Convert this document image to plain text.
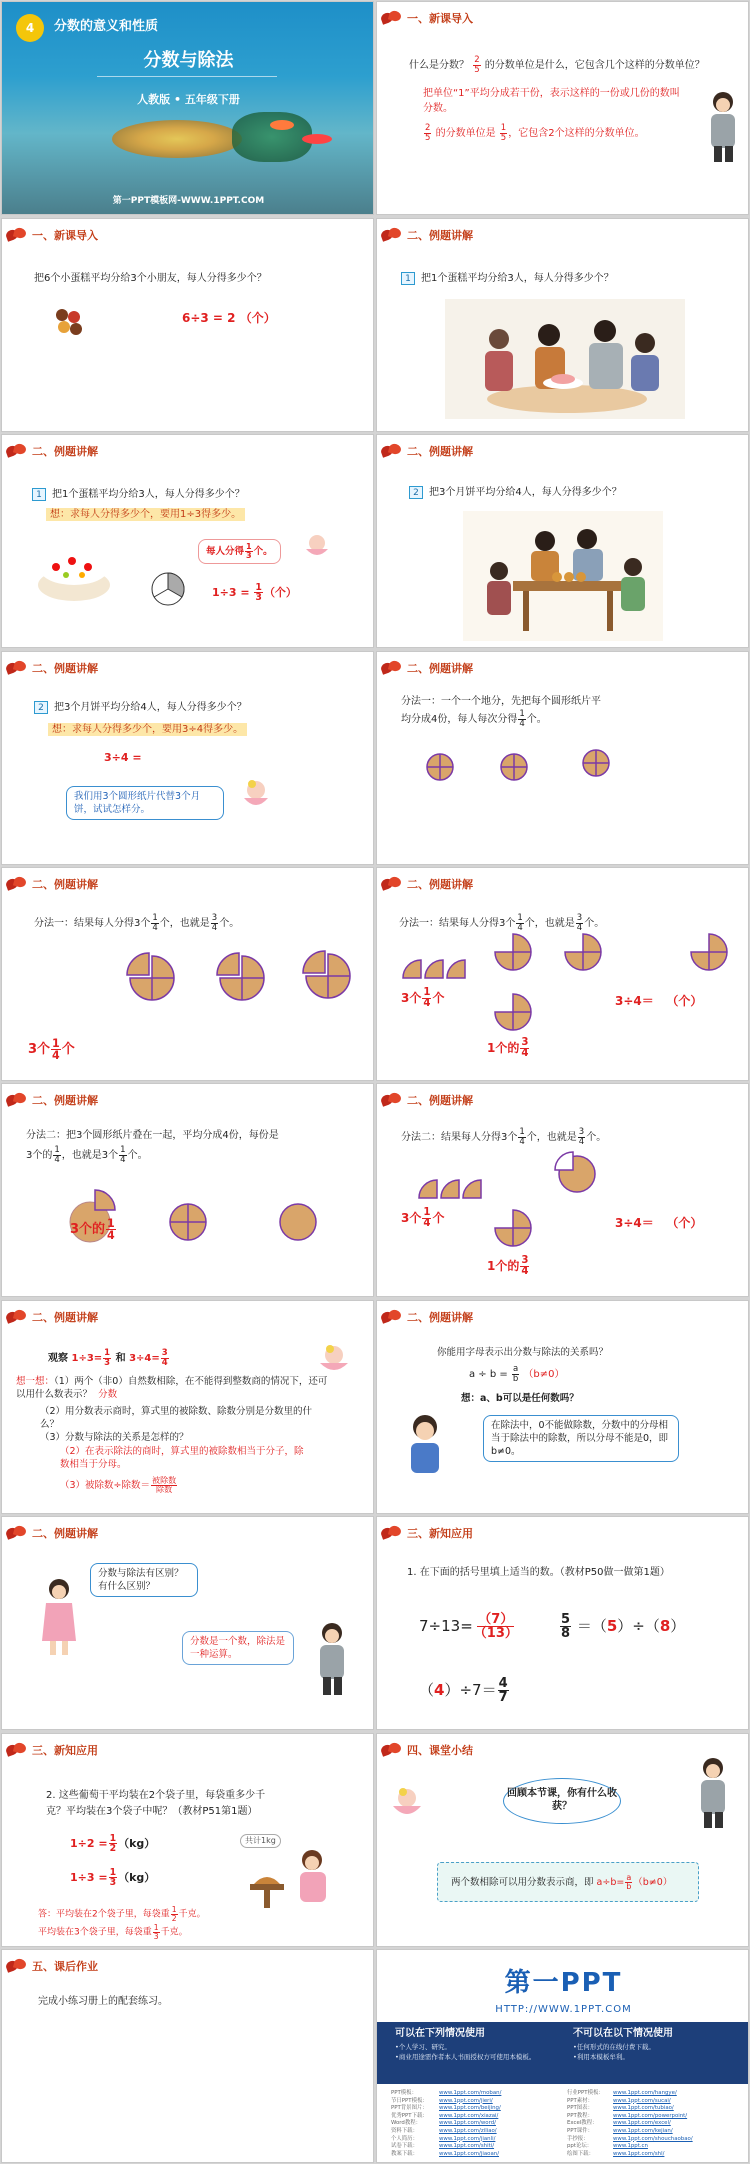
4	分数的意义和性质
分数与除法
人教版 • 五年级下册
第一PPT模板网-WWW.1PPT.COM
一、新课导入
什么是分数？ $\frac{2}{5}$ 的分数单位是什么，它包含几个这样的分数单位？
把单位“1”平均分成若干份，表示这样的一份或几份的数叫分数。
$\frac{2}{5}$ 的分数单位是 $\frac{1}{5}$ ，它包含2个这样的分数单位。
一、新课导入
把6个小蛋糕平均分给3个小朋友，每人分得多少个？
6÷3 = 2 （个）
二、例题讲解
1 把1个蛋糕平均分给3人，每人分得多少个？
二、例题讲解
1 把1个蛋糕平均分给3人，每人分得多少个？
想：求每人分得多少个，要用1÷3得多少。
每人分得 $\frac{1}{3}$ 个。
$1\div 3 = \frac{1}{3}$ （个）
二、例题讲解
2 把3个月饼平均分给4人，每人分得多少个？
二、例题讲解
2 把3个月饼平均分给4人，每人分得多少个？
想：求每人分得多少个，要用3÷4得多少。
3÷4 =
我们用3个圆形纸片代替3个月饼，试试怎样分。
二、例题讲解
分法一：一个一个地分，先把每个圆形纸片平
均分成4份，每人每次分得 $\frac{1}{4}$ 个。
二、例题讲解
分法一：结果每人分得3个 $\frac{1}{4}$ 个，也就是 $\frac{3}{4}$ 个。
3个 $\frac{1}{4}$ 个
二、例题讲解
分法一：结果每人分得3个 $\frac{1}{4}$ 个，也就是 $\frac{3}{4}$ 个。
3个 $\frac{1}{4}$ 个
1个的 $\frac{3}{4}$
3÷4＝ （个）
二、例题讲解
分法二：把3个圆形纸片叠在一起，平均分成4份，每份是
3个的 $\frac{1}{4}$ ，也就是3个 $\frac{1}{4}$ 个。
3个的 $\frac{1}{4}$
二、例题讲解
分法二：结果每人分得3个 $\frac{1}{4}$ 个，也就是 $\frac{3}{4}$ 个。
3个 $\frac{1}{4}$ 个
1个的 $\frac{3}{4}$
3÷4＝ （个）
二、例题讲解
观察 $1\div 3= \frac{1}{3}$ 和 $3\div 4= \frac{3}{4}$
想一想：（1）两个（非0）自然数相除，在不能得到整数商的情况下，还可以用什么数表示？ 分数
（2）用分数表示商时，算式里的被除数、除数分别是分数里的什么？
（3）分数与除法的关系是怎样的？
（2）在表示除法的商时，算式里的被除数相当于分子，除数相当于分母。
（3）被除数÷除数＝ $\frac{\text{被除数}}{\text{除数}}$
二、例题讲解
你能用字母表示出分数与除法的关系吗？
$a \div b = \frac{a}{b} (b\ne 0)$
想：a、b可以是任何数吗？
在除法中，0不能做除数，分数中的分母相当于除法中的除数，所以分母不能是0，即b≠0。
二、例题讲解
分数与除法有区别？有什么区别？
分数是一个数，除法是一种运算。
三、新知应用
1. 在下面的括号里填上适当的数。（教材P50做一做第1题）
$7\div 13= \frac{(7)}{(13)}$	$\frac{5}{8} =(5)\div(8)$
$(4)\div 7= \frac{4}{7}$
三、新知应用
2. 这些葡萄干平均装在2个袋子里，每袋重多少千
克？平均装在3个袋子中呢？（教材P51第1题）
共计1kg
$1\div 2 = \frac{1}{2} (kg)$
$1\div 3 = \frac{1}{3} (kg)$
答：平均装在2个袋子里，每袋重 $\frac{1}{2}$ 千克。
平均装在3个袋子里，每袋重 $\frac{1}{3}$ 千克。
四、课堂小结
回顾本节课，你有什么收获？
两个数相除可以用分数表示商，即 $a\div b= \frac{a}{b} (b\ne 0)$
五、课后作业
完成小练习册上的配套练习。
第一PPT
HTTP://WWW.1PPT.COM
可以在下列情况使用
•个人学习、研究。
•商业用途需作者本人书面授权方可使用本模板。
不可以在以下情况使用
•任何形式的在线付费下载。
•利用本模板牟利。
PPT模板：	www.1ppt.com/moban/
节日PPT模板：	www.1ppt.com/jieri/
PPT背景图片：	www.1ppt.com/beijing/
优秀PPT下载：	www.1ppt.com/xiazai/
Word教程：	www.1ppt.com/word/
资料下载：	www.1ppt.com/ziliao/
个人简历：	www.1ppt.com/jianli/
试卷下载：	www.1ppt.com/shiti/
教案下载：	www.1ppt.com/jiaoan/
行业PPT模板：	www.1ppt.com/hangye/
PPT素材：	www.1ppt.com/sucai/
PPT图表：	www.1ppt.com/tubiao/
PPT教程：	www.1ppt.com/powerpoint/
Excel教程：	www.1ppt.com/excel/
PPT课件：	www.1ppt.com/kejian/
手抄报：	www.1ppt.com/shouchaobao/
ppt论坛：	www.1ppt.cn
绘图下载：	www.1ppt.com/shl/
